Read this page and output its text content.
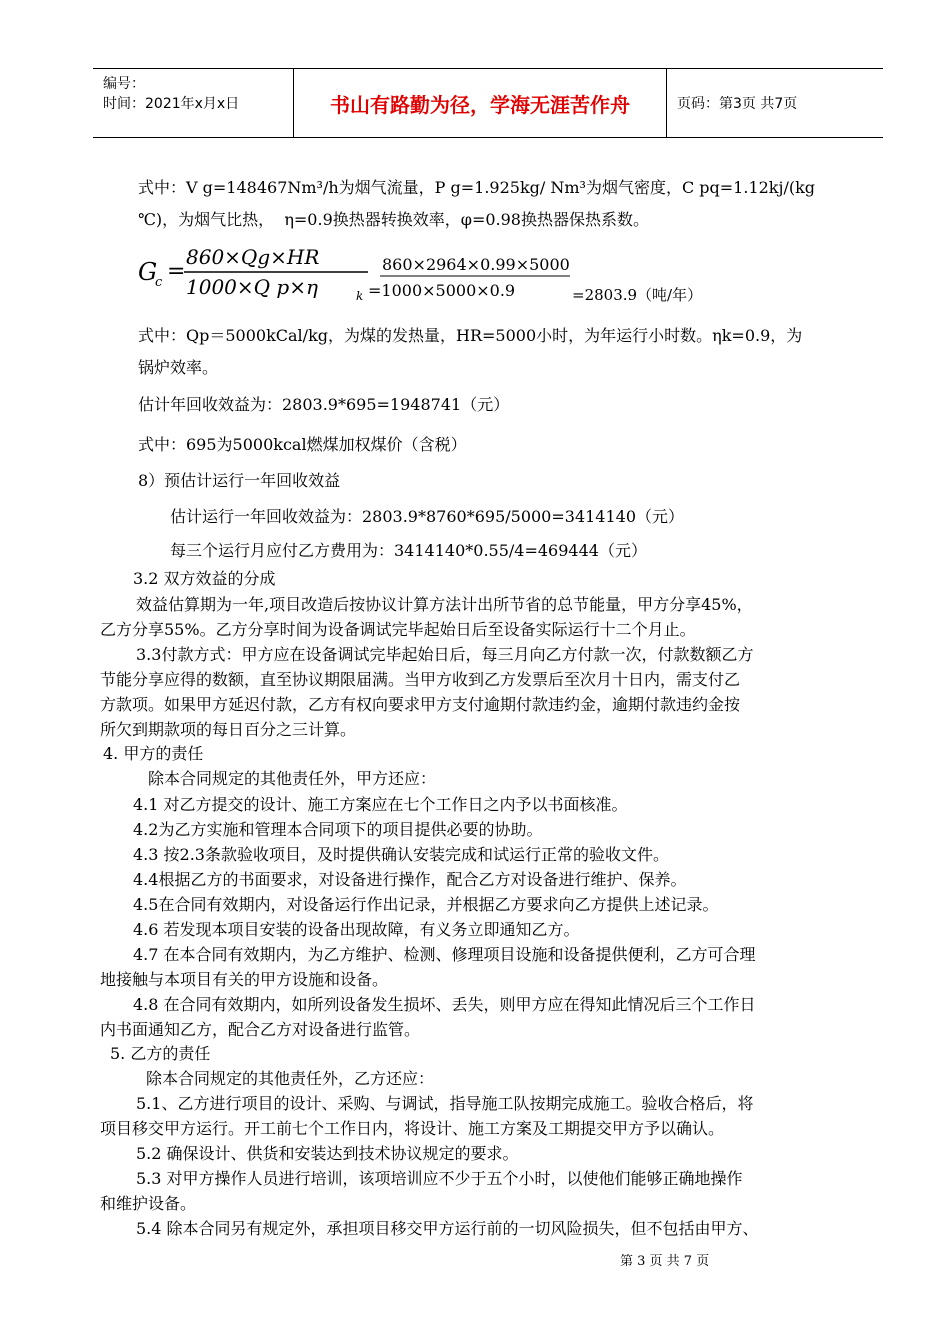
编号：
时间：2021年x月x日	书山有路勤为径，学海无涯苦作舟	页码：第3页 共7页
式中：V g=148467Nm³/h为烟气流量，P g=1.925kg/ Nm³为烟气密度，C pq=1.12kj/(kg
℃)，为烟气比热，  η=0.9换热器转换效率，φ=0.98换热器保热系数。
G
c =
860×Qg×HR
1000×Q p×η	k
860×2964×0.99×5000
=1000×5000×0.9	=2803.9（吨/年）
式中：Qp＝5000kCal/kg，为煤的发热量，HR=5000小时，为年运行小时数。ηk=0.9，为
锅炉效率。
估计年回收效益为：2803.9*695=1948741（元）
式中：695为5000kcal燃煤加权煤价（含税）
8）预估计运行一年回收效益
估计运行一年回收效益为：2803.9*8760*695/5000=3414140（元）
每三个运行月应付乙方费用为：3414140*0.55/4=469444（元）
3.2 双方效益的分成
效益估算期为一年,项目改造后按协议计算方法计出所节省的总节能量，甲方分享45%，
乙方分享55%。乙方分享时间为设备调试完毕起始日后至设备实际运行十二个月止。
3.3付款方式：甲方应在设备调试完毕起始日后，每三月向乙方付款一次，付款数额乙方
节能分享应得的数额，直至协议期限届满。当甲方收到乙方发票后至次月十日内，需支付乙
方款项。如果甲方延迟付款，乙方有权向要求甲方支付逾期付款违约金，逾期付款违约金按
所欠到期款项的每日百分之三计算。
4. 甲方的责任
除本合同规定的其他责任外，甲方还应：
4.1 对乙方提交的设计、施工方案应在七个工作日之内予以书面核准。
4.2为乙方实施和管理本合同项下的项目提供必要的协助。
4.3 按2.3条款验收项目，及时提供确认安装完成和试运行正常的验收文件。
4.4根据乙方的书面要求，对设备进行操作，配合乙方对设备进行维护、保养。
4.5在合同有效期内，对设备运行作出记录，并根据乙方要求向乙方提供上述记录。
4.6 若发现本项目安装的设备出现故障，有义务立即通知乙方。
4.7 在本合同有效期内，为乙方维护、检测、修理项目设施和设备提供便利，乙方可合理
地接触与本项目有关的甲方设施和设备。
4.8 在合同有效期内，如所列设备发生损坏、丢失，则甲方应在得知此情况后三个工作日
内书面通知乙方，配合乙方对设备进行监管。
5. 乙方的责任
除本合同规定的其他责任外，乙方还应：
5.1、乙方进行项目的设计、采购、与调试，指导施工队按期完成施工。验收合格后，将
项目移交甲方运行。开工前七个工作日内，将设计、施工方案及工期提交甲方予以确认。
5.2 确保设计、供货和安装达到技术协议规定的要求。
5.3 对甲方操作人员进行培训，该项培训应不少于五个小时，以使他们能够正确地操作
和维护设备。
5.4 除本合同另有规定外，承担项目移交甲方运行前的一切风险损失，但不包括由甲方、
第 3 页 共 7 页
